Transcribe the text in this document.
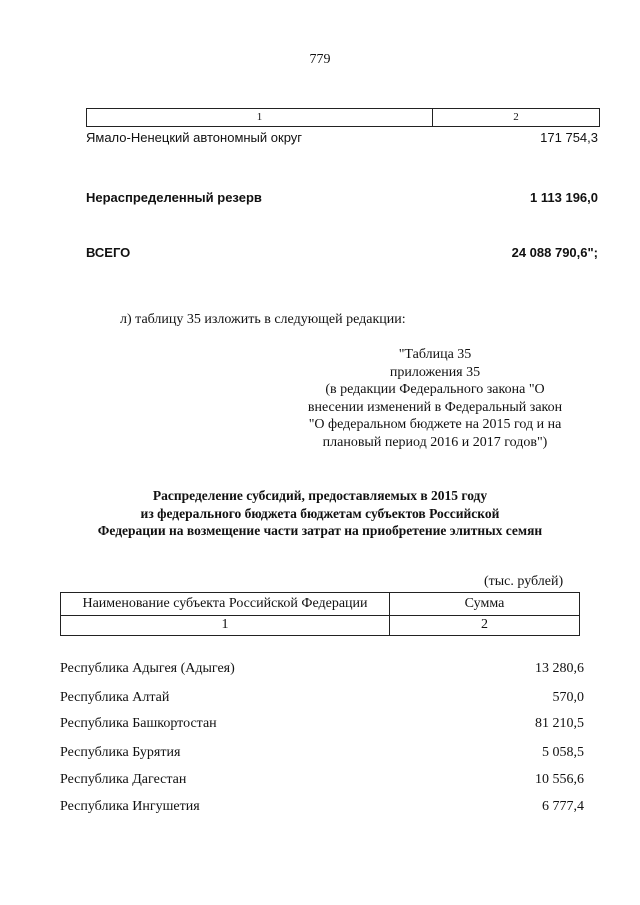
779
1	2
Ямало-Ненецкий автономный округ	171 754,3
Нераспределенный резерв	1 113 196,0
ВСЕГО	24 088 790,6";
л) таблицу 35 изложить в следующей редакции:
"Таблица 35
приложения 35
(в редакции Федерального закона "О
внесении изменений в Федеральный закон
"О федеральном бюджете на 2015 год и на
плановый период 2016 и 2017 годов")
Распределение субсидий, предоставляемых в 2015 году
из федерального бюджета бюджетам субъектов Российской
Федерации на возмещение части затрат на приобретение элитных семян
(тыс. рублей)
Наименование субъекта Российской Федерации	Сумма
1	2
Республика Адыгея (Адыгея)	13 280,6
Республика Алтай	570,0
Республика Башкортостан	81 210,5
Республика Бурятия	5 058,5
Республика Дагестан	10 556,6
Республика Ингушетия	6 777,4
